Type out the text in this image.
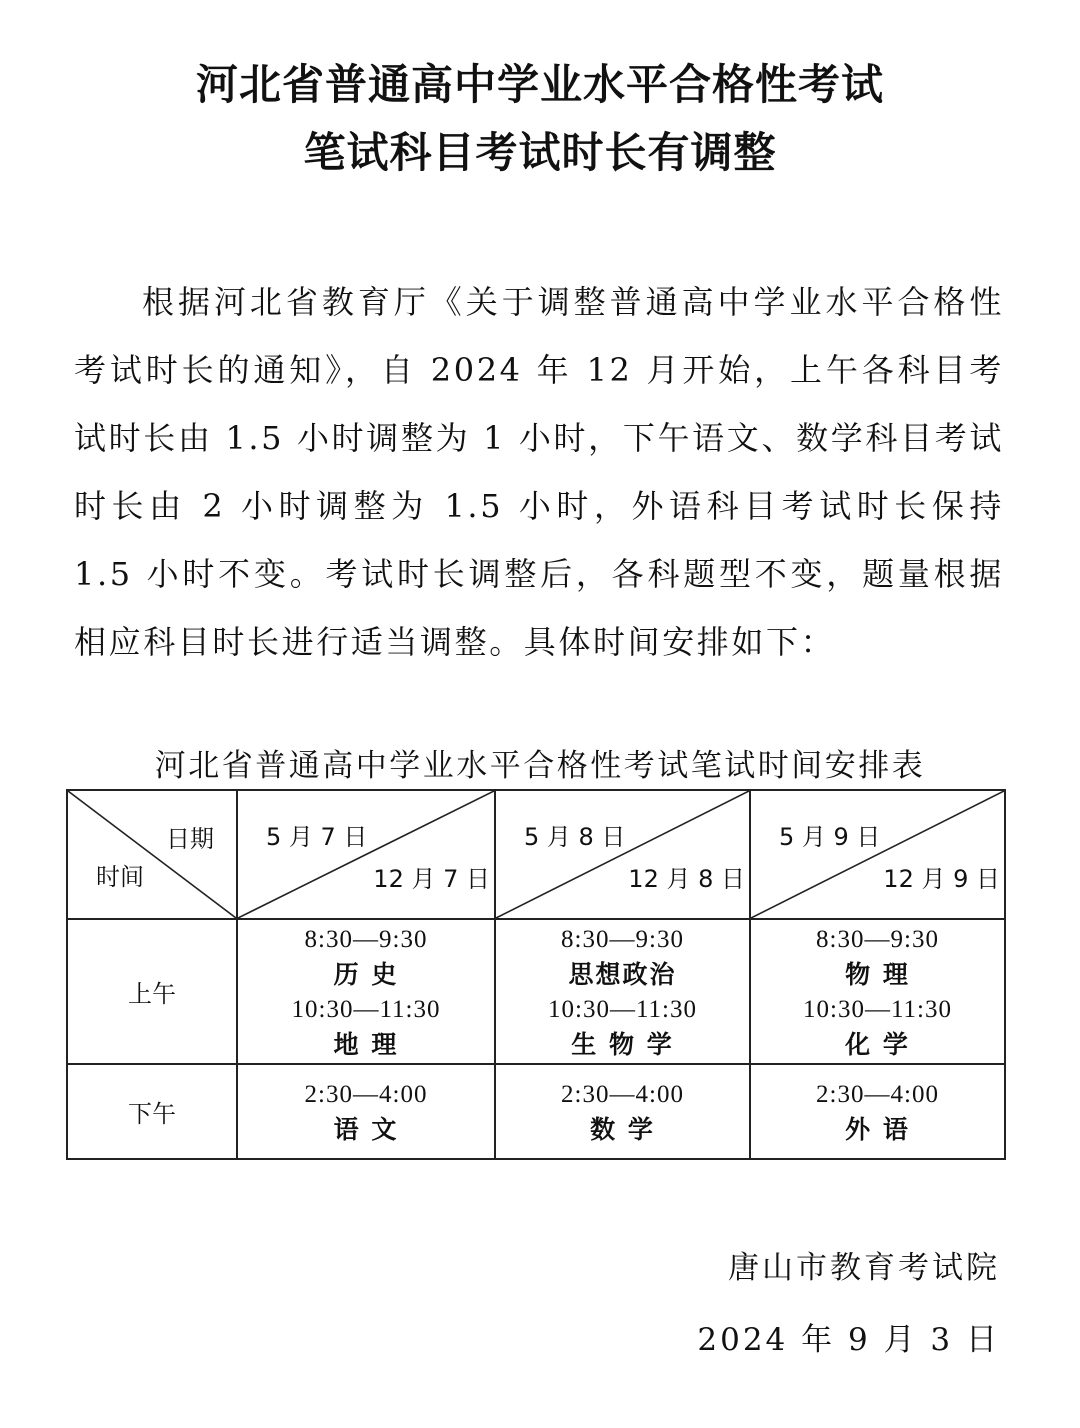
河北省普通高中学业水平合格性考试
笔试科目考试时长有调整

根据河北省教育厅《关于调整普通高中学业水平合格性考试时长的通知》，自 2024 年 12 月开始，上午各科目考试时长由 1.5 小时调整为 1 小时，下午语文、数学科目考试时长由 2 小时调整为 1.5 小时，外语科目考试时长保持 1.5 小时不变。考试时长调整后，各科题型不变，题量根据相应科目时长进行适当调整。具体时间安排如下：

河北省普通高中学业水平合格性考试笔试时间安排表

日期
时间	5 月 7 日
12 月 7 日	5 月 8 日
12 月 8 日	5 月 9 日
12 月 9 日

上午	8:30—9:30
历 史
10:30—11:30
地 理	8:30—9:30
思想政治
10:30—11:30
生 物 学	8:30—9:30
物 理
10:30—11:30
化 学

下午	2:30—4:00
语 文	2:30—4:00
数 学	2:30—4:00
外 语

唐山市教育考试院

2024 年 9 月 3 日
